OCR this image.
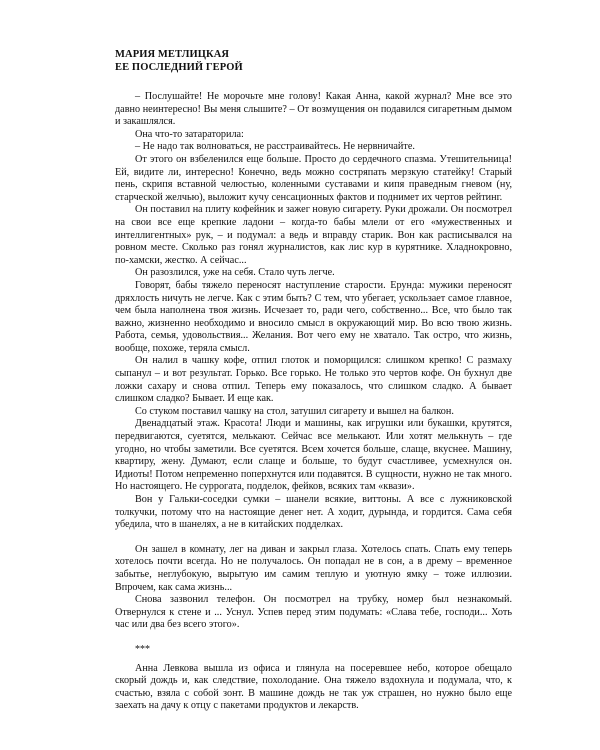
МАРИЯ МЕТЛИЦКАЯ
ЕЕ ПОСЛЕДНИЙ ГЕРОЙ

– Послушайте! Не морочьте мне голову! Какая Анна, какой журнал? Мне все это давно неинтересно! Вы меня слышите? – От возмущения он подавился сигаретным дымом и закашлялся.

Она что-то затараторила:

– Не надо так волноваться, не расстраивайтесь. Не нервничайте.

От этого он взбеленился еще больше. Просто до сердечного спазма. Утешительница! Ей, видите ли, интересно! Конечно, ведь можно состряпать мерзкую статейку! Старый пень, скрипя вставной челюстью, коленными суставами и кипя праведным гневом (ну, старческой желчью), выложит кучу сенсационных фактов и поднимет их чертов рейтинг.

Он поставил на плиту кофейник и зажег новую сигарету. Руки дрожали. Он посмотрел на свои все еще крепкие ладони – когда-то бабы млели от его «мужественных и интеллигентных» рук, – и подумал: а ведь и вправду старик. Вон как расписывался на ровном месте. Сколько раз гонял журналистов, как лис кур в курятнике. Хладнокровно, по-хамски, жестко. А сейчас...

Он разозлился, уже на себя. Стало чуть легче.

Говорят, бабы тяжело переносят наступление старости. Ерунда: мужики переносят дряхлость ничуть не легче. Как с этим быть? С тем, что убегает, ускользает самое главное, чем была наполнена твоя жизнь. Исчезает то, ради чего, собственно... Все, что было так важно, жизненно необходимо и вносило смысл в окружающий мир. Во всю твою жизнь. Работа, семья, удовольствия... Желания. Вот чего ему не хватало. Так остро, что жизнь, вообще, похоже, теряла смысл.

Он налил в чашку кофе, отпил глоток и поморщился: слишком крепко! С размаху сыпанул – и вот результат. Горько. Все горько. Не только это чертов кофе. Он бухнул две ложки сахару и снова отпил. Теперь ему показалось, что слишком сладко. А бывает слишком сладко? Бывает. И еще как.

Со стуком поставил чашку на стол, затушил сигарету и вышел на балкон.

Двенадцатый этаж. Красота! Люди и машины, как игрушки или букашки, крутятся, передвигаются, суетятся, мелькают. Сейчас все мелькают. Или хотят мелькнуть – где угодно, но чтобы заметили. Все суетятся. Всем хочется больше, слаще, вкуснее. Машину, квартиру, жену. Думают, если слаще и больше, то будут счастливее, усмехнулся он. Идиоты! Потом непременно поперхнутся или подавятся. В сущности, нужно не так много. Но настоящего. Не суррогата, подделок, фейков, всяких там «квази».

Вон у Гальки-соседки сумки – шанели всякие, виттоны. А все с лужниковской толкучки, потому что на настоящие денег нет. А ходит, дурында, и гордится. Сама себя убедила, что в шанелях, а не в китайских подделках.

Он зашел в комнату, лег на диван и закрыл глаза. Хотелось спать. Спать ему теперь хотелось почти всегда. Но не получалось. Он попадал не в сон, а в дрему – временное забытье, неглубокую, вырытую им самим теплую и уютную ямку – тоже иллюзии. Впрочем, как сама жизнь...

Снова зазвонил телефон. Он посмотрел на трубку, номер был незнакомый. Отвернулся к стене и ... Уснул. Успев перед этим подумать: «Слава тебе, господи... Хоть час или два без всего этого».

***

Анна Левкова вышла из офиса и глянула на посеревшее небо, которое обещало скорый дождь и, как следствие, похолодание. Она тяжело вздохнула и подумала, что, к счастью, взяла с собой зонт. В машине дождь не так уж страшен, но нужно было еще заехать на дачу к отцу с пакетами продуктов и лекарств.
